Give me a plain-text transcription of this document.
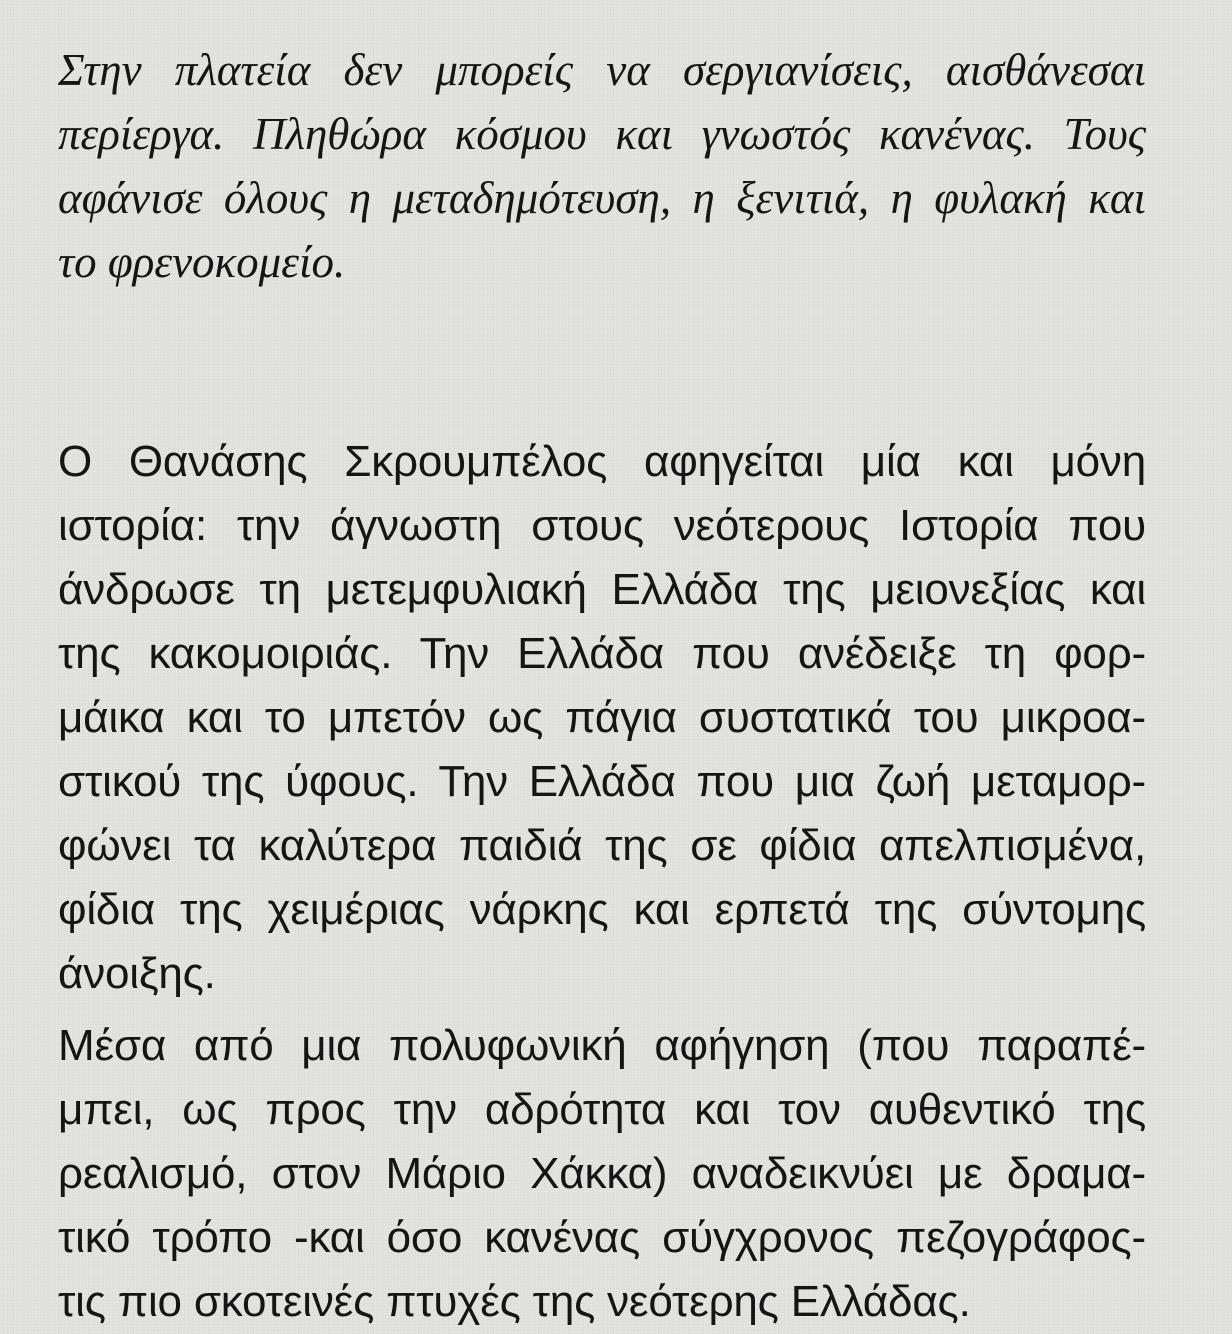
Στην πλατεία δεν μπορείς να σεργιανίσεις, αισθάνεσαι
περίεργα. Πληθώρα κόσμου και γνωστός κανένας. Τους
αφάνισε όλους η μεταδημότευση, η ξενιτιά, η φυλακή και
το φρενοκομείο.
Ο Θανάσης Σκρουμπέλος αφηγείται μία και μόνη
ιστορία: την άγνωστη στους νεότερους Ιστορία που
άνδρωσε τη μετεμφυλιακή Ελλάδα της μειονεξίας και
της κακομοιριάς. Την Ελλάδα που ανέδειξε τη φορ-
μάικα και το μπετόν ως πάγια συστατικά του μικροα-
στικού της ύφους. Την Ελλάδα που μια ζωή μεταμορ-
φώνει τα καλύτερα παιδιά της σε φίδια απελπισμένα,
φίδια της χειμέριας νάρκης και ερπετά της σύντομης
άνοιξης.
Μέσα από μια πολυφωνική αφήγηση (που παραπέ-
μπει, ως προς την αδρότητα και τον αυθεντικό της
ρεαλισμό, στον Μάριο Χάκκα) αναδεικνύει με δραμα-
τικό τρόπο -και όσο κανένας σύγχρονος πεζογράφος-
τις πιο σκοτεινές πτυχές της νεότερης Ελλάδας.
